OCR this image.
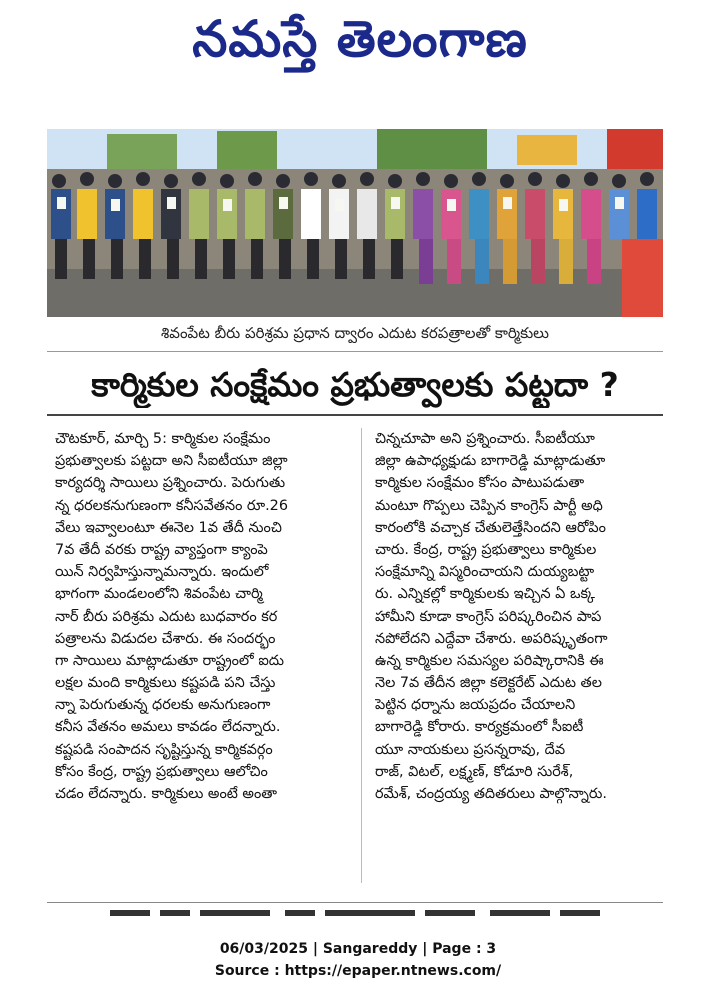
నమస్తే తెలంగాణ
శివంపేట బీరు పరిశ్రమ ప్రధాన ద్వారం ఎదుట కరపత్రాలతో కార్మికులు
కార్మికుల సంక్షేమం ప్రభుత్వాలకు పట్టదా ?
చౌటకూర్, మార్చి 5: కార్మికుల సంక్షేమం
ప్రభుత్వాలకు పట్టదా అని సీఐటీయూ జిల్లా
కార్యదర్శి సాయిలు ప్రశ్నించారు. పెరుగుతు
న్న ధరలకనుగుణంగా కనీసవేతనం రూ.26
వేలు ఇవ్వాలంటూ ఈనెల 1వ తేదీ నుంచి
7వ తేదీ వరకు రాష్ట్ర వ్యాప్తంగా క్యాంపె
యిన్ నిర్వహిస్తున్నామన్నారు. ఇందులో
భాగంగా మండలంలోని శివంపేట చార్మి
నార్ బీరు పరిశ్రమ ఎదుట బుధవారం కర
పత్రాలను విడుదల చేశారు. ఈ సందర్భం
గా సాయిలు మాట్లాడుతూ రాష్ట్రంలో ఐదు
లక్షల మంది కార్మికులు కష్టపడి పని చేస్తు
న్నా పెరుగుతున్న ధరలకు అనుగుణంగా
కనీస వేతనం అమలు కావడం లేదన్నారు.
కష్టపడి సంపాదన సృష్టిస్తున్న కార్మికవర్గం
కోసం కేంద్ర, రాష్ట్ర ప్రభుత్వాలు ఆలోచిం
చడం లేదన్నారు. కార్మికులు అంటే అంతా
చిన్నచూపా అని ప్రశ్నించారు. సీఐటీయూ
జిల్లా ఉపాధ్యక్షుడు బాగారెడ్డి మాట్లాడుతూ
కార్మికుల సంక్షేమం కోసం పాటుపడుతా
మంటూ గొప్పలు చెప్పిన కాంగ్రెస్ పార్టీ అధి
కారంలోకి వచ్చాక చేతులెత్తేసిందని ఆరోపిం
చారు. కేంద్ర, రాష్ట్ర ప్రభుత్వాలు కార్మికుల
సంక్షేమాన్ని విస్మరించాయని దుయ్యబట్టా
రు. ఎన్నికల్లో కార్మికులకు ఇచ్చిన ఏ ఒక్క
హామీని కూడా కాంగ్రెస్ పరిష్కరించిన పాప
నపోలేదని ఎద్దేవా చేశారు. అపరిష్కృతంగా
ఉన్న కార్మికుల సమస్యల పరిష్కారానికి ఈ
నెల 7వ తేదీన జిల్లా కలెక్టరేట్ ఎదుట తల
పెట్టిన ధర్నాను జయప్రదం చేయాలని
బాగారెడ్డి కోరారు. కార్యక్రమంలో సీఐటీ
యూ నాయకులు ప్రసన్నరావు, దేవ
రాజ్, విటల్, లక్ష్మణ్, కోడూరి సురేశ్,
రమేశ్, చంద్రయ్య తదితరులు పాల్గొన్నారు.

06/03/2025 | Sangareddy | Page : 3
Source : https://epaper.ntnews.com/
